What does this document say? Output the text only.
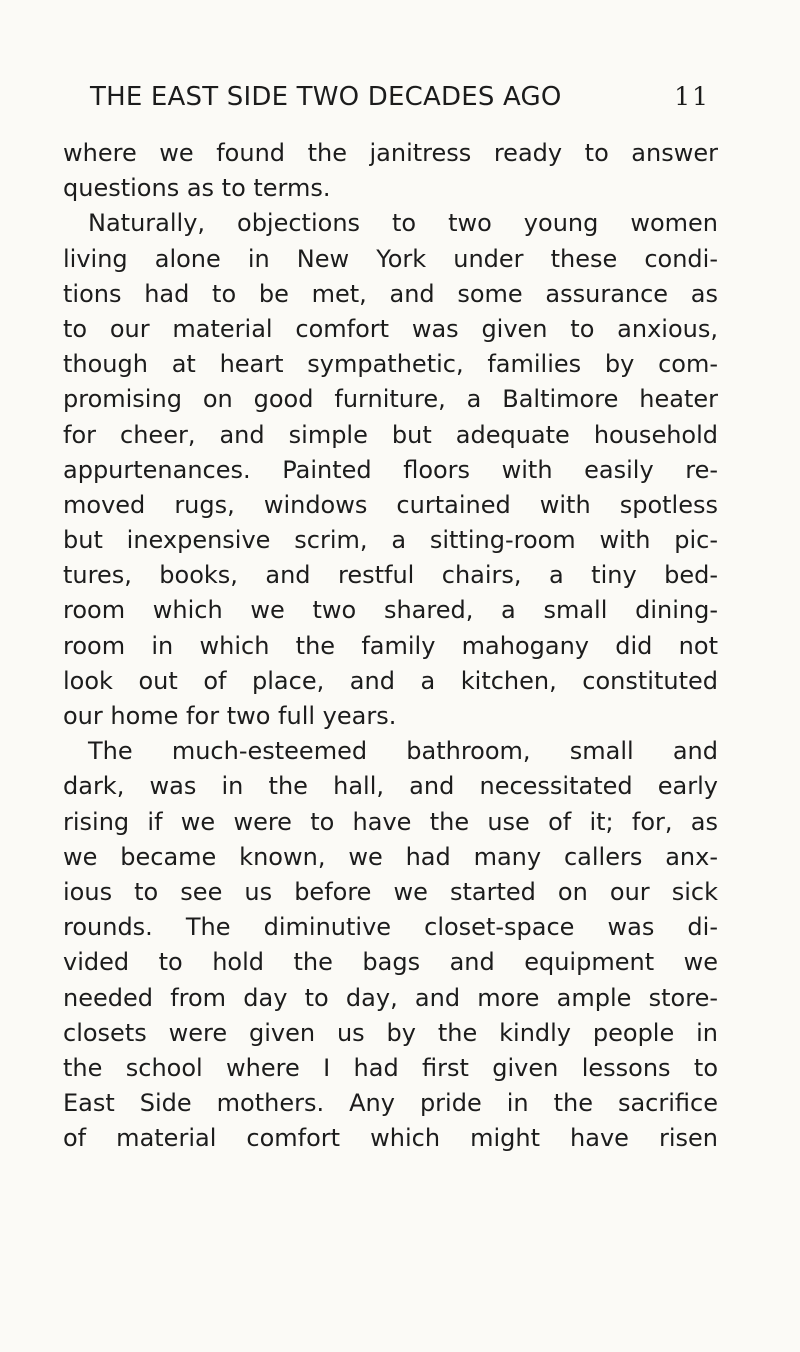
THE EAST SIDE TWO DECADES AGO	11
where we found the janitress ready to answer
questions as to terms.
Naturally, objections to two young women
living alone in New York under these condi-
tions had to be met, and some assurance as
to our material comfort was given to anxious,
though at heart sympathetic, families by com-
promising on good furniture, a Baltimore heater
for cheer, and simple but adequate household
appurtenances. Painted floors with easily re-
moved rugs, windows curtained with spotless
but inexpensive scrim, a sitting-room with pic-
tures, books, and restful chairs, a tiny bed-
room which we two shared, a small dining-
room in which the family mahogany did not
look out of place, and a kitchen, constituted
our home for two full years.
The much-esteemed bathroom, small and
dark, was in the hall, and necessitated early
rising if we were to have the use of it; for, as
we became known, we had many callers anx-
ious to see us before we started on our sick
rounds. The diminutive closet-space was di-
vided to hold the bags and equipment we
needed from day to day, and more ample store-
closets were given us by the kindly people in
the school where I had first given lessons to
East Side mothers. Any pride in the sacrifice
of material comfort which might have risen
